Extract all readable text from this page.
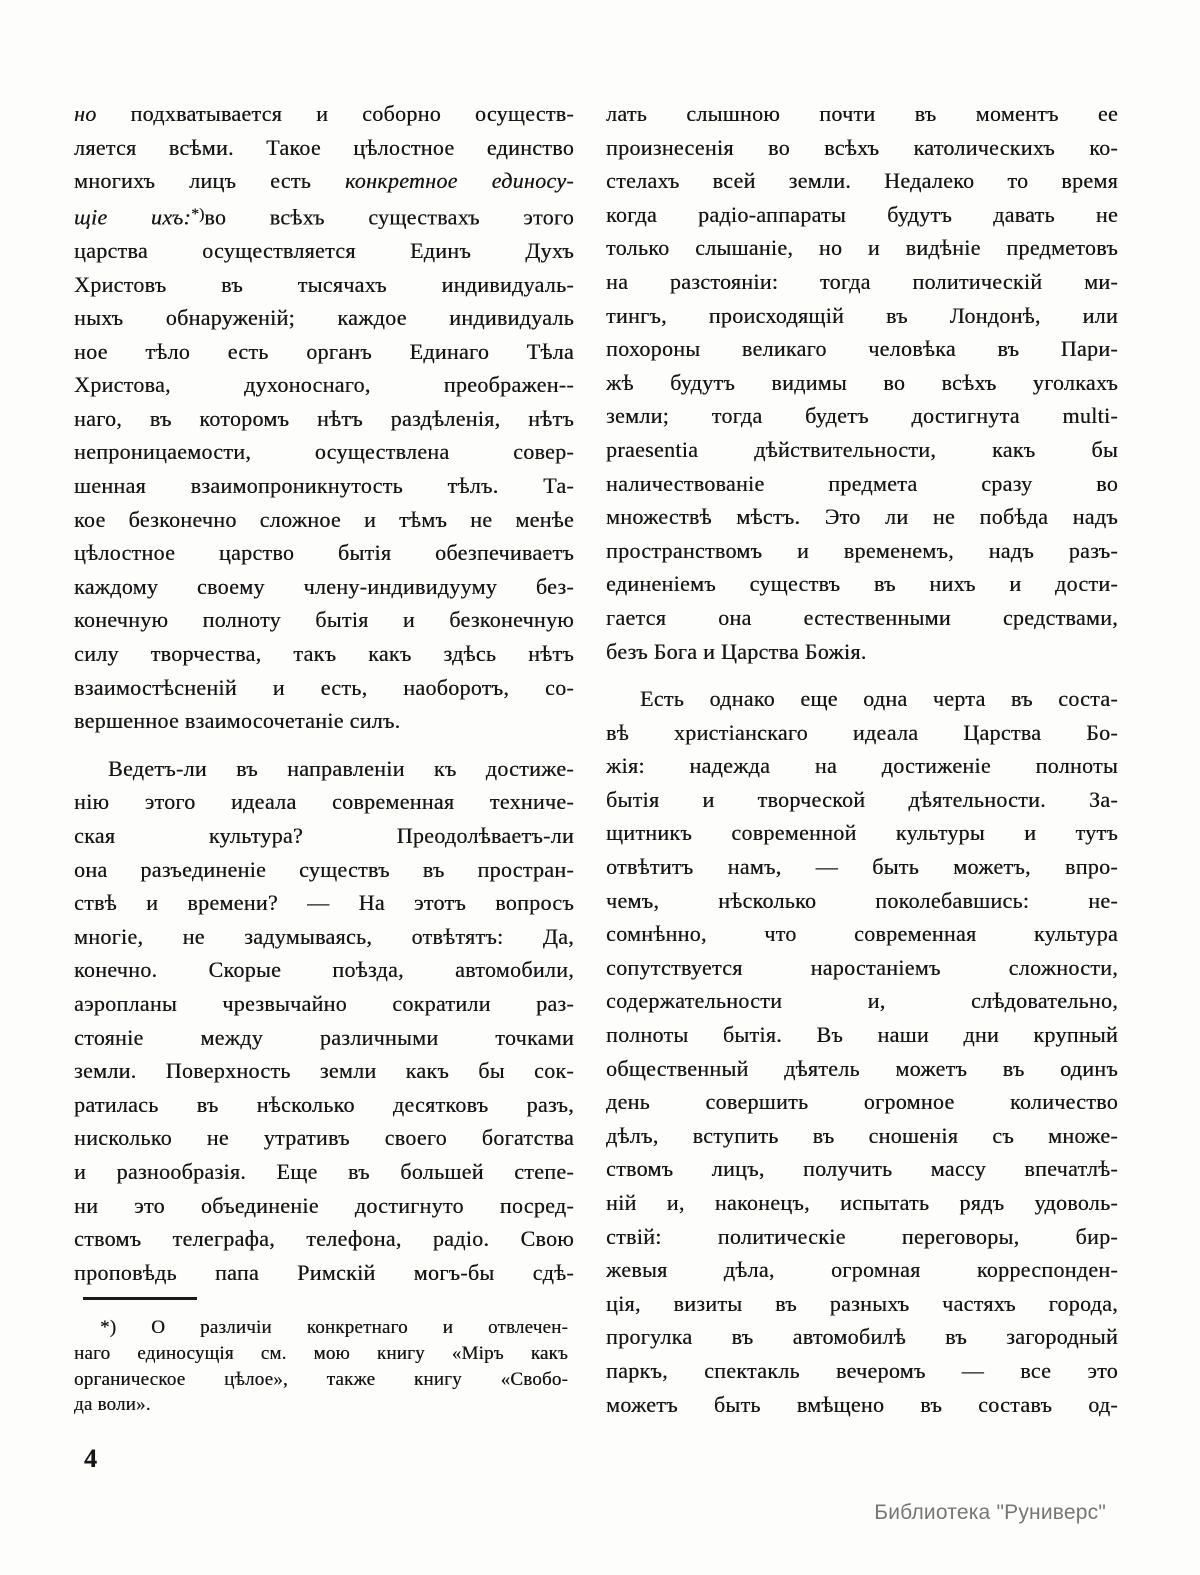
но подхватывается и соборно осуществ-
ляется всѣми. Такое цѣлостное единство
многихъ лицъ есть конкретное единосу-
щіе ихъ:*)во всѣхъ существахъ этого
царства осуществляется Единъ Духъ
Христовъ въ тысячахъ индивидуаль-
ныхъ обнаруженій; каждое индивидуаль
ное тѣло есть органъ Единаго Тѣла
Христова, духоноснаго, преображен--
наго, въ которомъ нѣтъ раздѣленія, нѣтъ
непроницаемости, осуществлена совер-
шенная взаимопроникнутость тѣлъ. Та-
кое безконечно сложное и тѣмъ не менѣе
цѣлостное царство бытія обезпечиваетъ
каждому своему члену-индивидууму без-
конечную полноту бытія и безконечную
силу творчества, такъ какъ здѣсь нѣтъ
взаимостѣсненій и есть, наоборотъ, со-
вершенное взаимосочетаніе силъ.
Ведетъ-ли въ направленіи къ достиже-
нію этого идеала современная техниче-
ская культура? Преодолѣваетъ-ли
она разъединеніе существъ въ простран-
ствѣ и времени? — На этотъ вопросъ
многіе, не задумываясь, отвѣтятъ: Да,
конечно. Скорые поѣзда, автомобили,
аэропланы чрезвычайно сократили раз-
стояніе между различными точками
земли. Поверхность земли какъ бы сок-
ратилась въ нѣсколько десятковъ разъ,
нисколько не утративъ своего богатства
и разнообразія. Еще въ большей степе-
ни это объединеніе достигнуто посред-
ствомъ телеграфа, телефона, радіо. Свою
проповѣдь папа Римскій могъ-бы сдѣ-
лать слышною почти въ моментъ ее
произнесенія во всѣхъ католическихъ ко-
стелахъ всей земли. Недалеко то время
когда радіо-аппараты будутъ давать не
только слышаніе, но и видѣніе предметовъ
на разстояніи: тогда политическій ми-
тингъ, происходящій въ Лондонѣ, или
похороны великаго человѣка въ Пари-
жѣ будутъ видимы во всѣхъ уголкахъ
земли; тогда будетъ достигнута multi-
praesentia дѣйствительности, какъ бы
наличествованіе предмета сразу во
множествѣ мѣстъ. Это ли не побѣда надъ
пространствомъ и временемъ, надъ разъ-
единеніемъ существъ въ нихъ и дости-
гается она естественными средствами,
безъ Бога и Царства Божія.
Есть однако еще одна черта въ соста-
вѣ христіанскаго идеала Царства Бо-
жія: надежда на достиженіе полноты
бытія и творческой дѣятельности. За-
щитникъ современной культуры и тутъ
отвѣтитъ намъ, — быть можетъ, впро-
чемъ, нѣсколько поколебавшись: не-
сомнѣнно, что современная культура
сопутствуется наростаніемъ сложности,
содержательности и, слѣдовательно,
полноты бытія. Въ наши дни крупный
общественный дѣятель можетъ въ одинъ
день совершить огромное количество
дѣлъ, вступить въ сношенія съ множе-
ствомъ лицъ, получить массу впечатлѣ-
ній и, наконецъ, испытать рядъ удоволь-
ствій: политическіе переговоры, бир-
жевыя дѣла, огромная корреспонден-
ція, визиты въ разныхъ частяхъ города,
прогулка въ автомобилѣ въ загородный
паркъ, спектакль вечеромъ — все это
можетъ быть вмѣщено въ составъ од-
*) О различіи конкретнаго и отвлечен-
наго единосущія см. мою книгу «Міръ какъ
органическое цѣлое», также книгу «Свобо-
да воли».
4
Библиотека "Руниверс"
